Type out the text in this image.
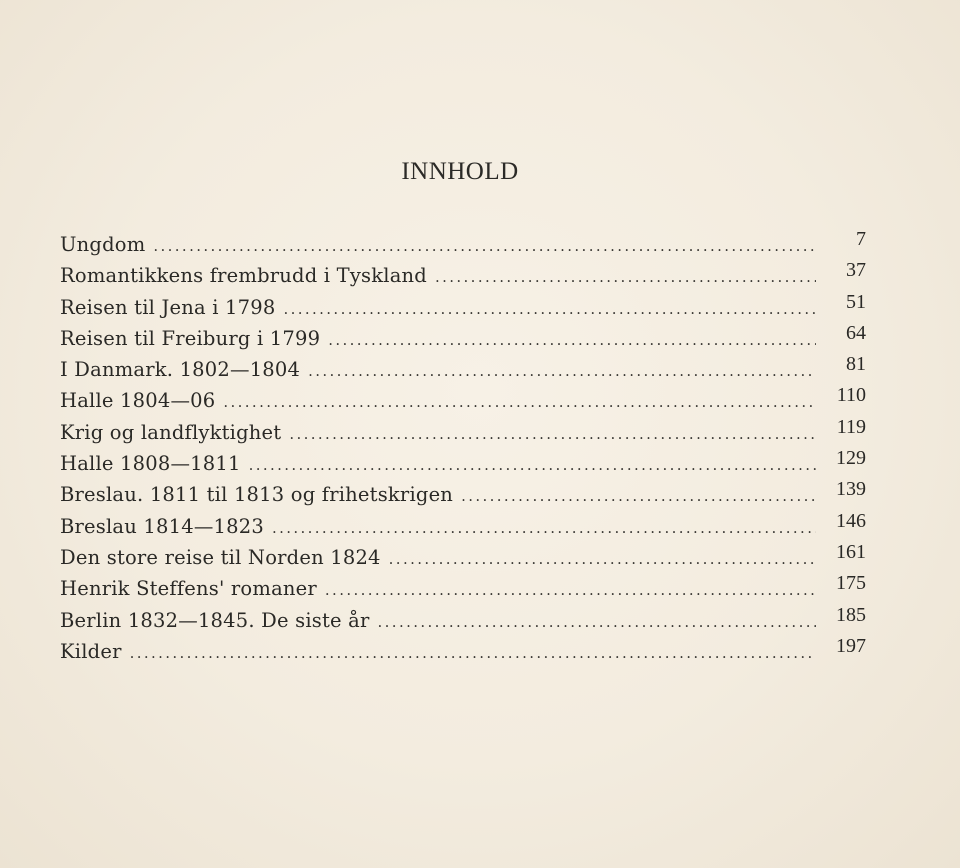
INNHOLD
Ungdom . . .	7
Romantikkens frembrudd i Tyskland . . .	37
Reisen til Jena i 1798 . . .	51
Reisen til Freiburg i 1799 . . .	64
I Danmark. 1802—1804 . . .	81
Halle 1804—06 . . .	110
Krig og landflyktighet . . .	119
Halle 1808—1811 . . .	129
Breslau. 1811 til 1813 og frihetskrigen . . .	139
Breslau 1814—1823 . . .	146
Den store reise til Norden 1824 . . .	161
Henrik Steffens' romaner . . .	175
Berlin 1832—1845. De siste år . . .	185
Kilder . . .	197
